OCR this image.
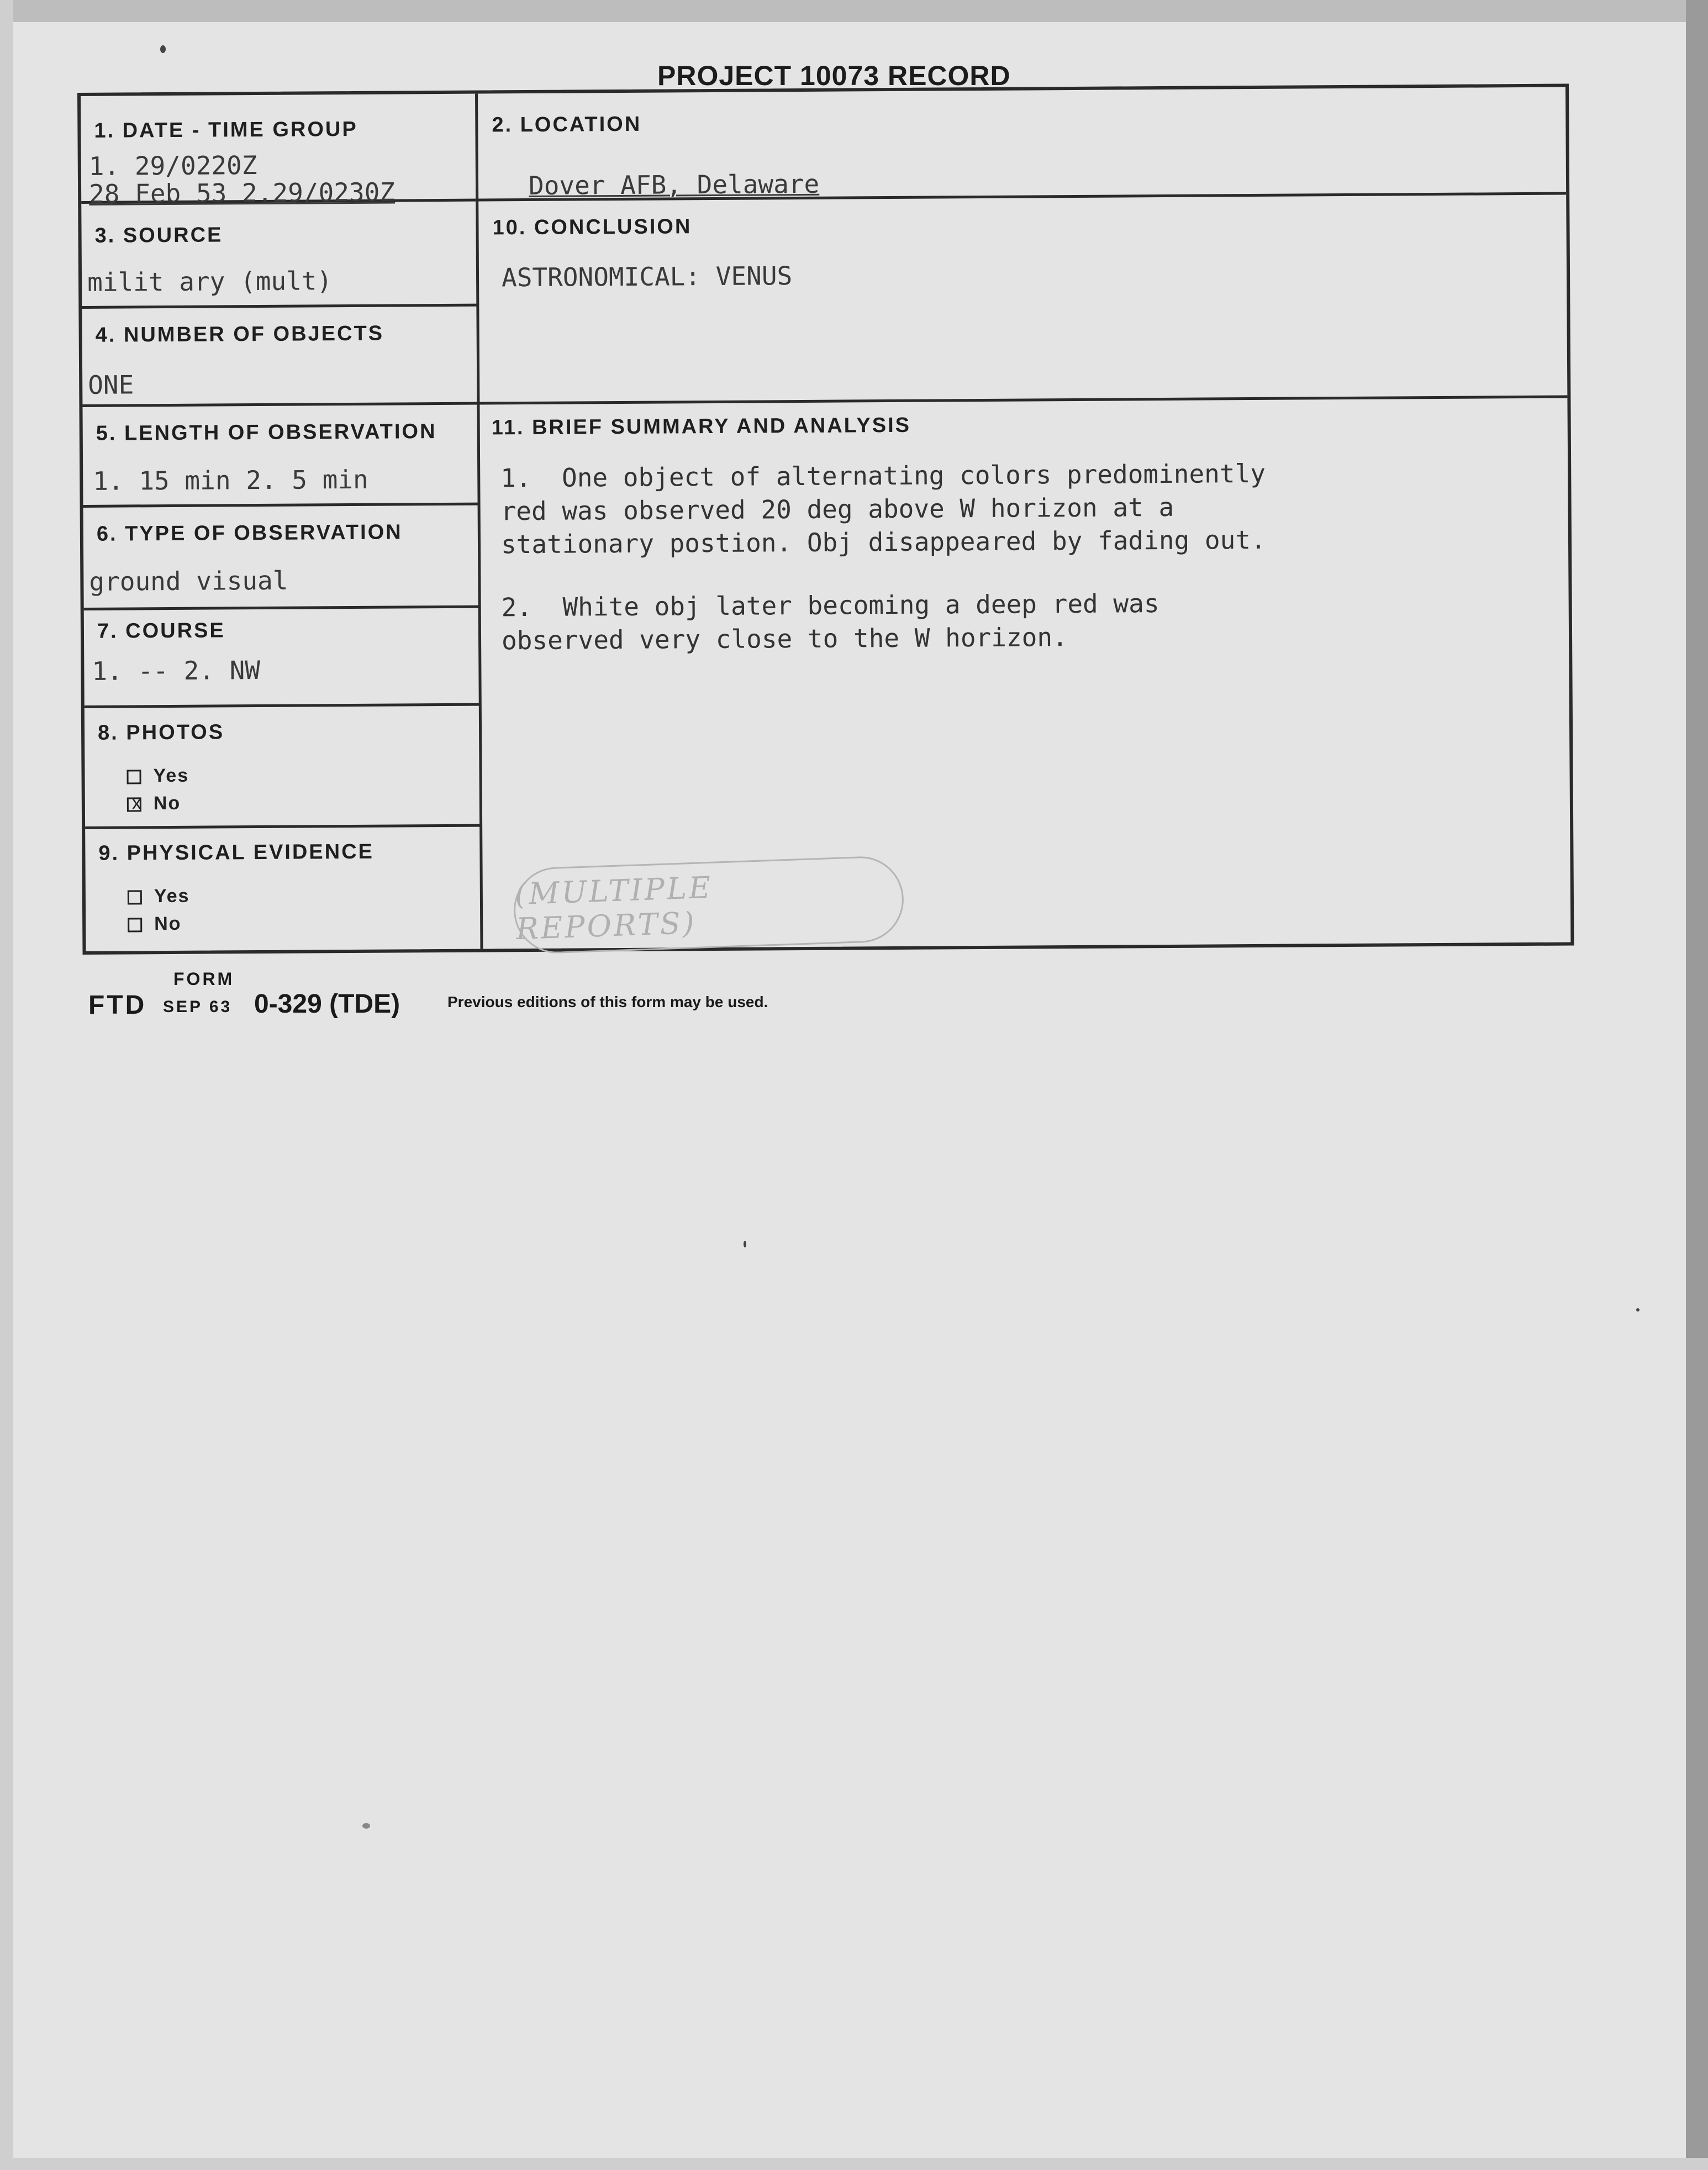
PROJECT 10073 RECORD
1. DATE - TIME GROUP
1. 29/0220Z
28 Feb 53 2.29/0230Z
2. LOCATION
Dover AFB, Delaware
3. SOURCE
milit ary (mult)
10. CONCLUSION
ASTRONOMICAL: VENUS
4. NUMBER OF OBJECTS
ONE
5. LENGTH OF OBSERVATION
1. 15 min 2. 5 min
11. BRIEF SUMMARY AND ANALYSIS
1.  One object of alternating colors predominently
red was observed 20 deg above W horizon at a
stationary postion. Obj disappeared by fading out.
2.  White obj later becoming a deep red was
observed very close to the W horizon.
6. TYPE OF OBSERVATION
ground visual
7. COURSE
1. -- 2. NW
8. PHOTOS
Yes
xNo
9. PHYSICAL EVIDENCE
Yes
No
(MULTIPLE REPORTS)
FORM
FTD SEP 63 0-329 (TDE)	Previous editions of this form may be used.
